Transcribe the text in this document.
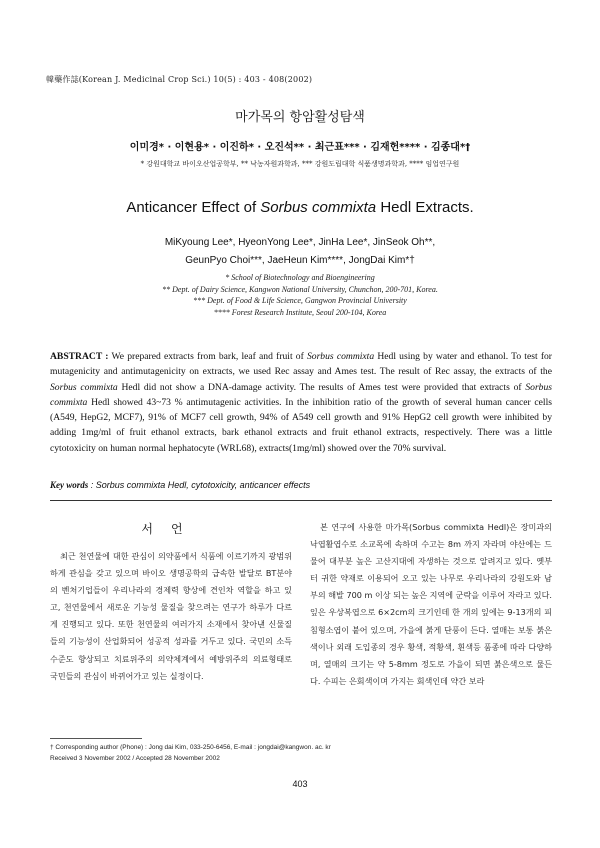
韓藥作誌(Korean J. Medicinal Crop Sci.) 10(5) : 403 - 408(2002)
마가목의 항암활성탐색
이미경* · 이현용* · 이진하* · 오진석** · 최근표*** · 김재헌**** · 김종대*†
* 강원대학교 바이오산업공학부, ** 낙농자원과학과, *** 강원도립대학 식품생명과학과, **** 임업연구원
Anticancer Effect of Sorbus commixta Hedl Extracts.
MiKyoung Lee*, HyeonYong Lee*, JinHa Lee*, JinSeok Oh**,
GeunPyo Choi***, JaeHeun Kim****, JongDai Kim*†
* School of Biotechnology and Bioengineering
** Dept. of Dairy Science, Kangwon National University, Chunchon, 200-701, Korea.
*** Dept. of Food & Life Science, Gangwon Provincial University
**** Forest Research Institute, Seoul 200-104, Korea
ABSTRACT : We prepared extracts from bark, leaf and fruit of Sorbus commixta Hedl using by water and ethanol. To test for mutagenicity and antimutagenicity on extracts, we used Rec assay and Ames test. The result of Rec assay, the extracts of the Sorbus commixta Hedl did not show a DNA-damage activity. The results of Ames test were provided that extracts of Sorbus commixta Hedl showed 43~73 % antimutagenic activities. In the inhibition ratio of the growth of several human cancer cells (A549, HepG2, MCF7), 91% of MCF7 cell growth, 94% of A549 cell growth and 91% HepG2 cell growth were inhibited by adding 1mg/ml of fruit ethanol extracts, bark ethanol extracts and fruit ethanol extracts, respectively. There was a little cytotoxicity on human normal hephatocyte (WRL68), extracts(1mg/ml) showed over the 70% survival.
Key words : Sorbus commixta Hedl, cytotoxicity, anticancer effects
서언
최근 천연물에 대한 관심이 의약품에서 식품에 이르기까지 광범위하게 관심을 갖고 있으며 바이오 생명공학의 급속한 발달로 BT분야의 벤처기업들이 우리나라의 경제력 향상에 견인차 역할을 하고 있고, 천연물에서 새로운 기능성 물질을 찾으려는 연구가 하루가 다르게 진행되고 있다. 또한 천연물의 여러가지 소재에서 찾아낸 신물질들의 기능성이 산업화되어 성공적 성과를 거두고 있다. 국민의 소득수준도 향상되고 치료위주의 의약체계에서 예방위주의 의료형태로 국민들의 관심이 바뀌어가고 있는 실정이다.
본 연구에 사용한 마가목(Sorbus commixta Hedl)은 장미과의 낙엽활엽수로 소교목에 속하며 수고는 8m 까지 자라며 야산에는 드물어 대부분 높은 고산지대에 자생하는 것으로 알려지고 있다. 옛부터 귀한 약재로 이용되어 오고 있는 나무로 우리나라의 강원도와 남부의 해발 700 m 이상 되는 높은 지역에 군락을 이루어 자라고 있다. 잎은 우상복엽으로 6×2cm의 크기인데 한 개의 잎에는 9-13개의 피침형소엽이 붙어 있으며, 가을에 붉게 단풍이 든다. 열매는 보통 붉은색이나 외래 도입종의 경우 황색, 적황색, 흰색등 품종에 따라 다양하며, 열매의 크기는 약 5-8mm 정도로 가을이 되면 붉은색으로 물든다. 수피는 은회색이며 가지는 회색인데 약간 보라
† Corresponding author (Phone) : Jong dai Kim, 033-250-6456, E-mail : jongdai@kangwon. ac. kr
Received 3 November 2002 / Accepted 28 November 2002
403
